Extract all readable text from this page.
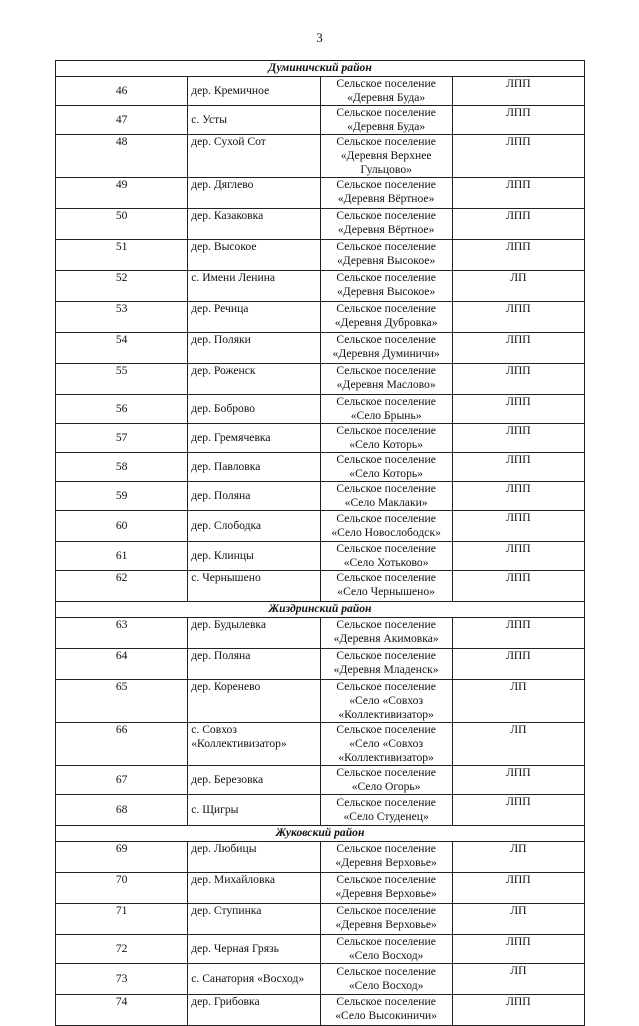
3
Думиничский район			
46	дер. Кремичное	Сельское поселение «Деревня Буда»	ЛПП
47	с. Усты	Сельское поселение «Деревня Буда»	ЛПП
48	дер. Сухой Сот	Сельское поселение «Деревня Верхнее Гульцово»	ЛПП
49	дер. Дяглево	Сельское поселение «Деревня Вёртное»	ЛПП
50	дер. Казаковка	Сельское поселение «Деревня Вёртное»	ЛПП
51	дер. Высокое	Сельское поселение «Деревня Высокое»	ЛПП
52	с. Имени Ленина	Сельское поселение «Деревня Высокое»	ЛП
53	дер. Речица	Сельское поселение «Деревня Дубровка»	ЛПП
54	дер. Поляки	Сельское поселение «Деревня Думиничи»	ЛПП
55	дер. Роженск	Сельское поселение «Деревня Маслово»	ЛПП
56	дер. Боброво	Сельское поселение «Село Брынь»	ЛПП
57	дер. Гремячевка	Сельское поселение «Село Которь»	ЛПП
58	дер. Павловка	Сельское поселение «Село Которь»	ЛПП
59	дер. Поляна	Сельское поселение «Село Маклаки»	ЛПП
60	дер. Слободка	Сельское поселение «Село Новослободск»	ЛПП
61	дер. Клинцы	Сельское поселение «Село Хотьково»	ЛПП
62	с. Чернышено	Сельское поселение «Село Чернышено»	ЛПП
Жиздринский район			
63	дер. Будылевка	Сельское поселение «Деревня Акимовка»	ЛПП
64	дер. Поляна	Сельское поселение «Деревня Младенск»	ЛПП
65	дер. Коренево	Сельское поселение «Село «Совхоз «Коллективизатор»	ЛП
66	с. Совхоз «Коллективизатор»	Сельское поселение «Село «Совхоз «Коллективизатор»	ЛП
67	дер. Березовка	Сельское поселение «Село Огорь»	ЛПП
68	с. Щигры	Сельское поселение «Село Студенец»	ЛПП
Жуковский район			
69	дер. Любицы	Сельское поселение «Деревня Верховье»	ЛП
70	дер. Михайловка	Сельское поселение «Деревня Верховье»	ЛПП
71	дер. Ступинка	Сельское поселение «Деревня Верховье»	ЛП
72	дер. Черная Грязь	Сельское поселение «Село Восход»	ЛПП
73	с. Санатория «Восход»	Сельское поселение «Село Восход»	ЛП
74	дер. Грибовка	Сельское поселение «Село Высокиничи»	ЛПП
